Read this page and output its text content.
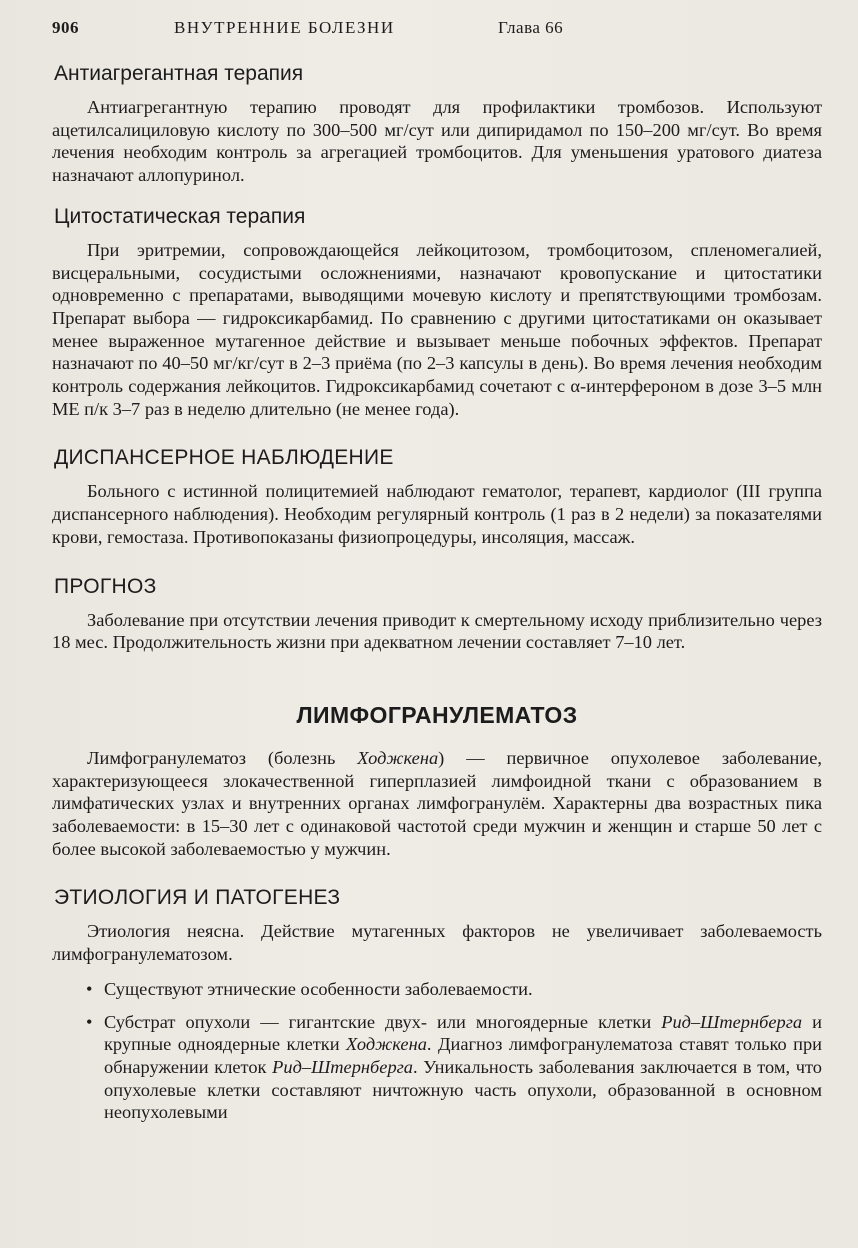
906	ВНУТРЕННИЕ БОЛЕЗНИ	Глава 66
Антиагрегантная терапия

Антиагрегантную терапию проводят для профилактики тромбозов. Используют ацетилсалициловую кислоту по 300–500 мг/сут или дипиридамол по 150–200 мг/сут. Во время лечения необходим контроль за агрегацией тромбоцитов. Для уменьшения уратового диатеза назначают аллопуринол.

Цитостатическая терапия

При эритремии, сопровождающейся лейкоцитозом, тромбоцитозом, спленомегалией, висцеральными, сосудистыми осложнениями, назначают кровопускание и цитостатики одновременно с препаратами, выводящими мочевую кислоту и препятствующими тромбозам. Препарат выбора — гидроксикарбамид. По сравнению с другими цитостатиками он оказывает менее выраженное мутагенное действие и вызывает меньше побочных эффектов. Препарат назначают по 40–50 мг/кг/сут в 2–3 приёма (по 2–3 капсулы в день). Во время лечения необходим контроль содержания лейкоцитов. Гидроксикарбамид сочетают с α-интерфероном в дозе 3–5 млн МЕ п/к 3–7 раз в неделю длительно (не менее года).

ДИСПАНСЕРНОЕ НАБЛЮДЕНИЕ

Больного с истинной полицитемией наблюдают гематолог, терапевт, кардиолог (III группа диспансерного наблюдения). Необходим регулярный контроль (1 раз в 2 недели) за показателями крови, гемостаза. Противопоказаны физиопроцедуры, инсоляция, массаж.

ПРОГНОЗ

Заболевание при отсутствии лечения приводит к смертельному исходу приблизительно через 18 мес. Продолжительность жизни при адекватном лечении составляет 7–10 лет.

ЛИМФОГРАНУЛЕМАТОЗ

Лимфогранулематоз (болезнь Ходжкена) — первичное опухолевое заболевание, характеризующееся злокачественной гиперплазией лимфоидной ткани с образованием в лимфатических узлах и внутренних органах лимфогранулём. Характерны два возрастных пика заболеваемости: в 15–30 лет с одинаковой частотой среди мужчин и женщин и старше 50 лет с более высокой заболеваемостью у мужчин.

ЭТИОЛОГИЯ И ПАТОГЕНЕЗ

Этиология неясна. Действие мутагенных факторов не увеличивает заболеваемость лимфогранулематозом.

• Существуют этнические особенности заболеваемости.
• Субстрат опухоли — гигантские двух- или многоядерные клетки Рид–Штернберга и крупные одноядерные клетки Ходжкена. Диагноз лимфогранулематоза ставят только при обнаружении клеток Рид–Штернберга. Уникальность заболевания заключается в том, что опухолевые клетки составляют ничтожную часть опухоли, образованной в основном неопухолевыми
